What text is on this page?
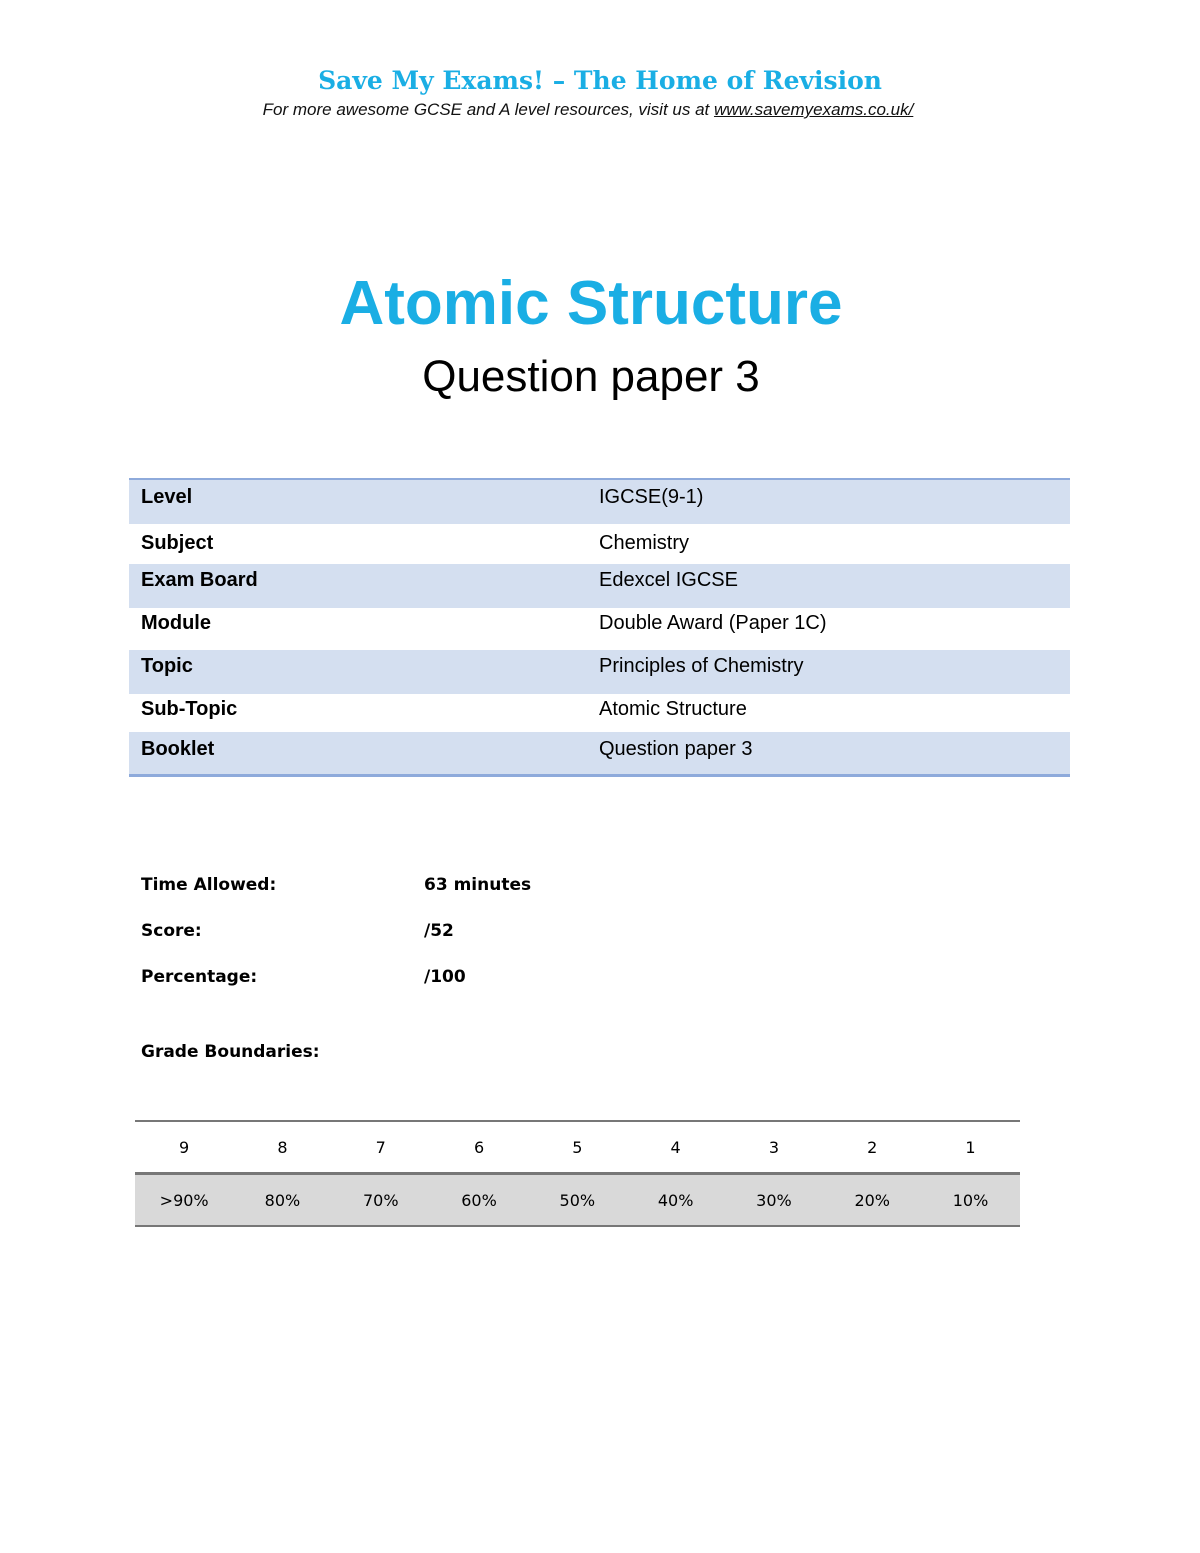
Save My Exams! – The Home of Revision
For more awesome GCSE and A level resources, visit us at www.savemyexams.co.uk/
Atomic Structure
Question paper 3
Level	IGCSE(9-1)
Subject	Chemistry
Exam Board	Edexcel IGCSE
Module	Double Award (Paper 1C)
Topic	Principles of Chemistry
Sub-Topic	Atomic Structure
Booklet	Question paper 3
Time Allowed:	63 minutes
Score:	/52
Percentage:	/100
Grade Boundaries:
9	8	7	6	5	4	3	2	1
>90%	80%	70%	60%	50%	40%	30%	20%	10%
